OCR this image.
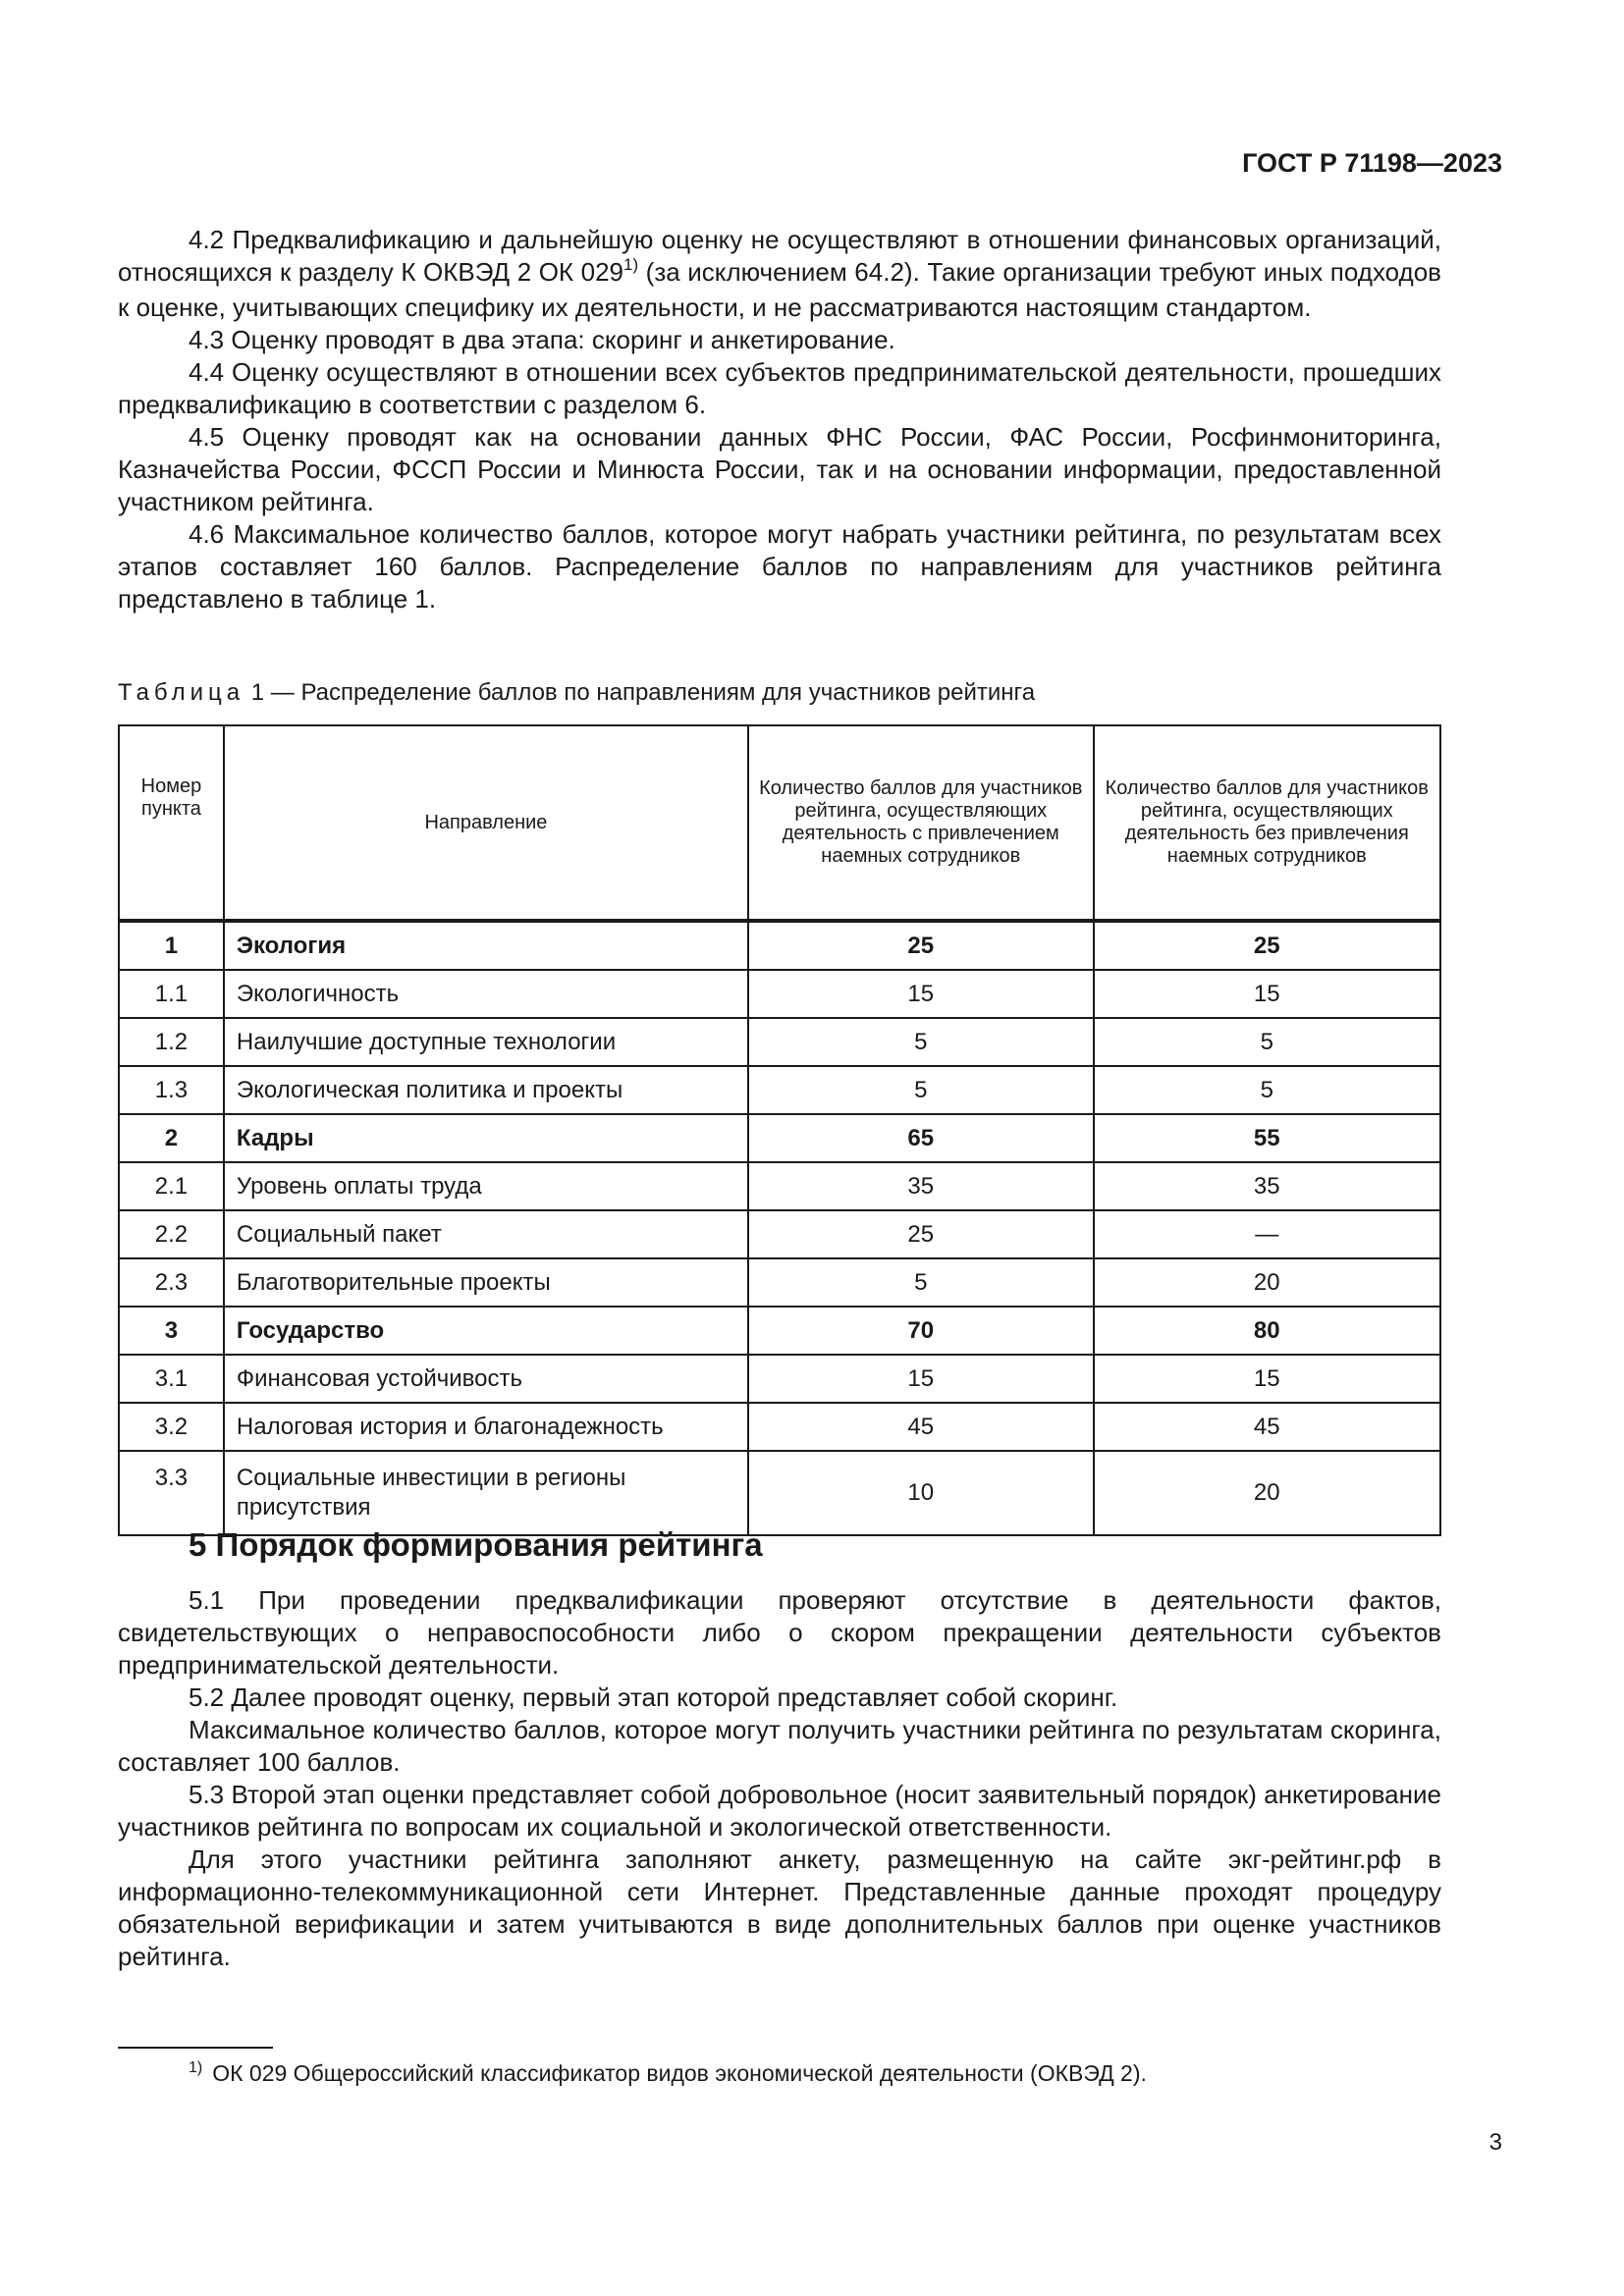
ГОСТ Р 71198—2023

4.2 Предквалификацию и дальнейшую оценку не осуществляют в отношении финансовых организаций, относящихся к разделу К ОКВЭД 2 ОК 029$^{1)}$ (за исключением 64.2). Такие организации требуют иных подходов к оценке, учитывающих специфику их деятельности, и не рассматриваются настоящим стандартом.

4.3 Оценку проводят в два этапа: скоринг и анкетирование.

4.4 Оценку осуществляют в отношении всех субъектов предпринимательской деятельности, прошедших предквалификацию в соответствии с разделом 6.

4.5 Оценку проводят как на основании данных ФНС России, ФАС России, Росфинмониторинга, Казначейства России, ФССП России и Минюста России, так и на основании информации, предоставленной участником рейтинга.

4.6 Максимальное количество баллов, которое могут набрать участники рейтинга, по результатам всех этапов составляет 160 баллов. Распределение баллов по направлениям для участников рейтинга представлено в таблице 1.

Таблица 1 — Распределение баллов по направлениям для участников рейтинга
Номер пункта	Направление	Количество баллов для участников рейтинга, осуществляющих деятельность с привлечением наемных сотрудников	Количество баллов для участников рейтинга, осуществляющих деятельность без привлечения наемных сотрудников
1	Экология	25	25
1.1	Экологичность	15	15
1.2	Наилучшие доступные технологии	5	5
1.3	Экологическая политика и проекты	5	5
2	Кадры	65	55
2.1	Уровень оплаты труда	35	35
2.2	Социальный пакет	25	—
2.3	Благотворительные проекты	5	20
3	Государство	70	80
3.1	Финансовая устойчивость	15	15
3.2	Налоговая история и благонадежность	45	45
3.3	Социальные инвестиции в регионы присутствия	10	20
5 Порядок формирования рейтинга

5.1 При проведении предквалификации проверяют отсутствие в деятельности фактов, свидетельствующих о неправоспособности либо о скором прекращении деятельности субъектов предпринимательской деятельности.

5.2 Далее проводят оценку, первый этап которой представляет собой скоринг.

Максимальное количество баллов, которое могут получить участники рейтинга по результатам скоринга, составляет 100 баллов.

5.3 Второй этап оценки представляет собой добровольное (носит заявительный порядок) анкетирование участников рейтинга по вопросам их социальной и экологической ответственности.

Для этого участники рейтинга заполняют анкету, размещенную на сайте экг-рейтинг.рф в информационно-телекоммуникационной сети Интернет. Представленные данные проходят процедуру обязательной верификации и затем учитываются в виде дополнительных баллов при оценке участников рейтинга.

$^{1)}$ ОК 029 Общероссийский классификатор видов экономической деятельности (ОКВЭД 2).
3
